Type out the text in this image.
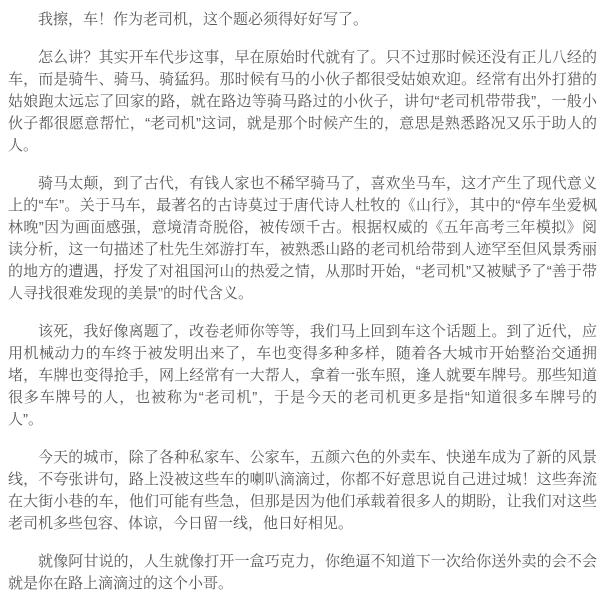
我擦，车！作为老司机，这个题必须得好好写了。

怎么讲？其实开车代步这事，早在原始时代就有了。只不过那时候还没有正儿八经的车，而是骑牛、骑马、骑猛犸。那时候有马的小伙子都很受姑娘欢迎。经常有出外打猎的姑娘跑太远忘了回家的路，就在路边等骑马路过的小伙子，讲句“老司机带带我”，一般小伙子都很愿意帮忙，“老司机”这词，就是那个时候产生的，意思是熟悉路况又乐于助人的人。

骑马太颠，到了古代，有钱人家也不稀罕骑马了，喜欢坐马车，这才产生了现代意义上的“车”。关于马车，最著名的古诗莫过于唐代诗人杜牧的《山行》，其中的“停车坐爱枫林晚”因为画面感强，意境清奇脱俗，被传颂千古。根据权威的《五年高考三年模拟》阅读分析，这一句描述了杜先生郊游打车，被熟悉山路的老司机给带到人迹罕至但风景秀丽的地方的遭遇，抒发了对祖国河山的热爱之情，从那时开始，“老司机”又被赋予了“善于带人寻找很难发现的美景”的时代含义。

该死，我好像离题了，改卷老师你等等，我们马上回到车这个话题上。到了近代，应用机械动力的车终于被发明出来了，车也变得多种多样，随着各大城市开始整治交通拥堵，车牌也变得抢手，网上经常有一大帮人，拿着一张车照，逢人就要车牌号。那些知道很多车牌号的人，也被称为“老司机”，于是今天的老司机更多是指“知道很多车牌号的人”。

今天的城市，除了各种私家车、公家车，五颜六色的外卖车、快递车成为了新的风景线，不夸张讲句，路上没被这些车的喇叭滴滴过，你都不好意思说自己进过城！这些奔流在大街小巷的车，他们可能有些急，但那是因为他们承载着很多人的期盼，让我们对这些老司机多些包容、体谅，今日留一线，他日好相见。

就像阿甘说的，人生就像打开一盒巧克力，你绝逼不知道下一次给你送外卖的会不会就是你在路上滴滴过的这个小哥。
